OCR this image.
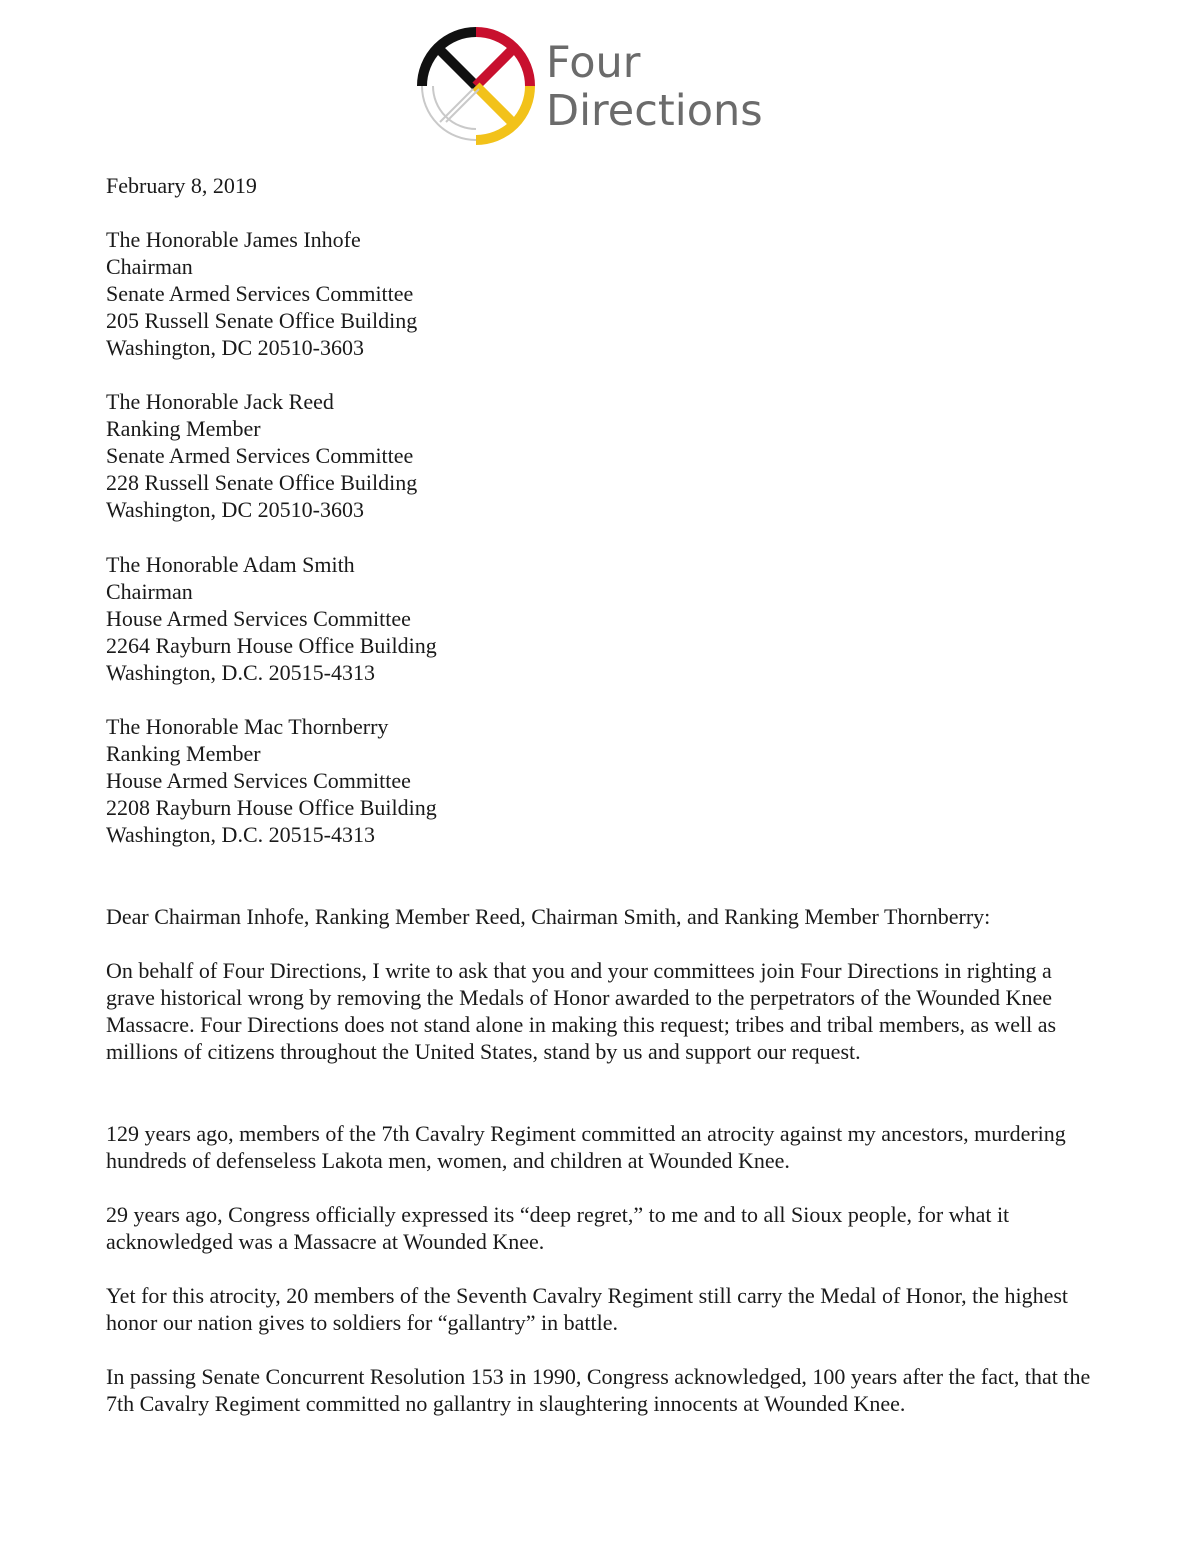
Four
Directions

February 8, 2019

The Honorable James Inhofe
Chairman
Senate Armed Services Committee
205 Russell Senate Office Building
Washington, DC 20510-3603
The Honorable Jack Reed
Ranking Member
Senate Armed Services Committee
228 Russell Senate Office Building
Washington, DC 20510-3603
The Honorable Adam Smith
Chairman
House Armed Services Committee
2264 Rayburn House Office Building
Washington, D.C. 20515-4313
The Honorable Mac Thornberry
Ranking Member
House Armed Services Committee
2208 Rayburn House Office Building
Washington, D.C. 20515-4313

Dear Chairman Inhofe, Ranking Member Reed, Chairman Smith, and Ranking Member Thornberry:

On behalf of Four Directions, I write to ask that you and your committees join Four Directions in righting a grave historical wrong by removing the Medals of Honor awarded to the perpetrators of the Wounded Knee Massacre. Four Directions does not stand alone in making this request; tribes and tribal members, as well as millions of citizens throughout the United States, stand by us and support our request.

129 years ago, members of the 7th Cavalry Regiment committed an atrocity against my ancestors, murdering hundreds of defenseless Lakota men, women, and children at Wounded Knee.

29 years ago, Congress officially expressed its “deep regret,” to me and to all Sioux people, for what it acknowledged was a Massacre at Wounded Knee.

Yet for this atrocity, 20 members of the Seventh Cavalry Regiment still carry the Medal of Honor, the highest honor our nation gives to soldiers for “gallantry” in battle.

In passing Senate Concurrent Resolution 153 in 1990, Congress acknowledged, 100 years after the fact, that the 7th Cavalry Regiment committed no gallantry in slaughtering innocents at Wounded Knee.
